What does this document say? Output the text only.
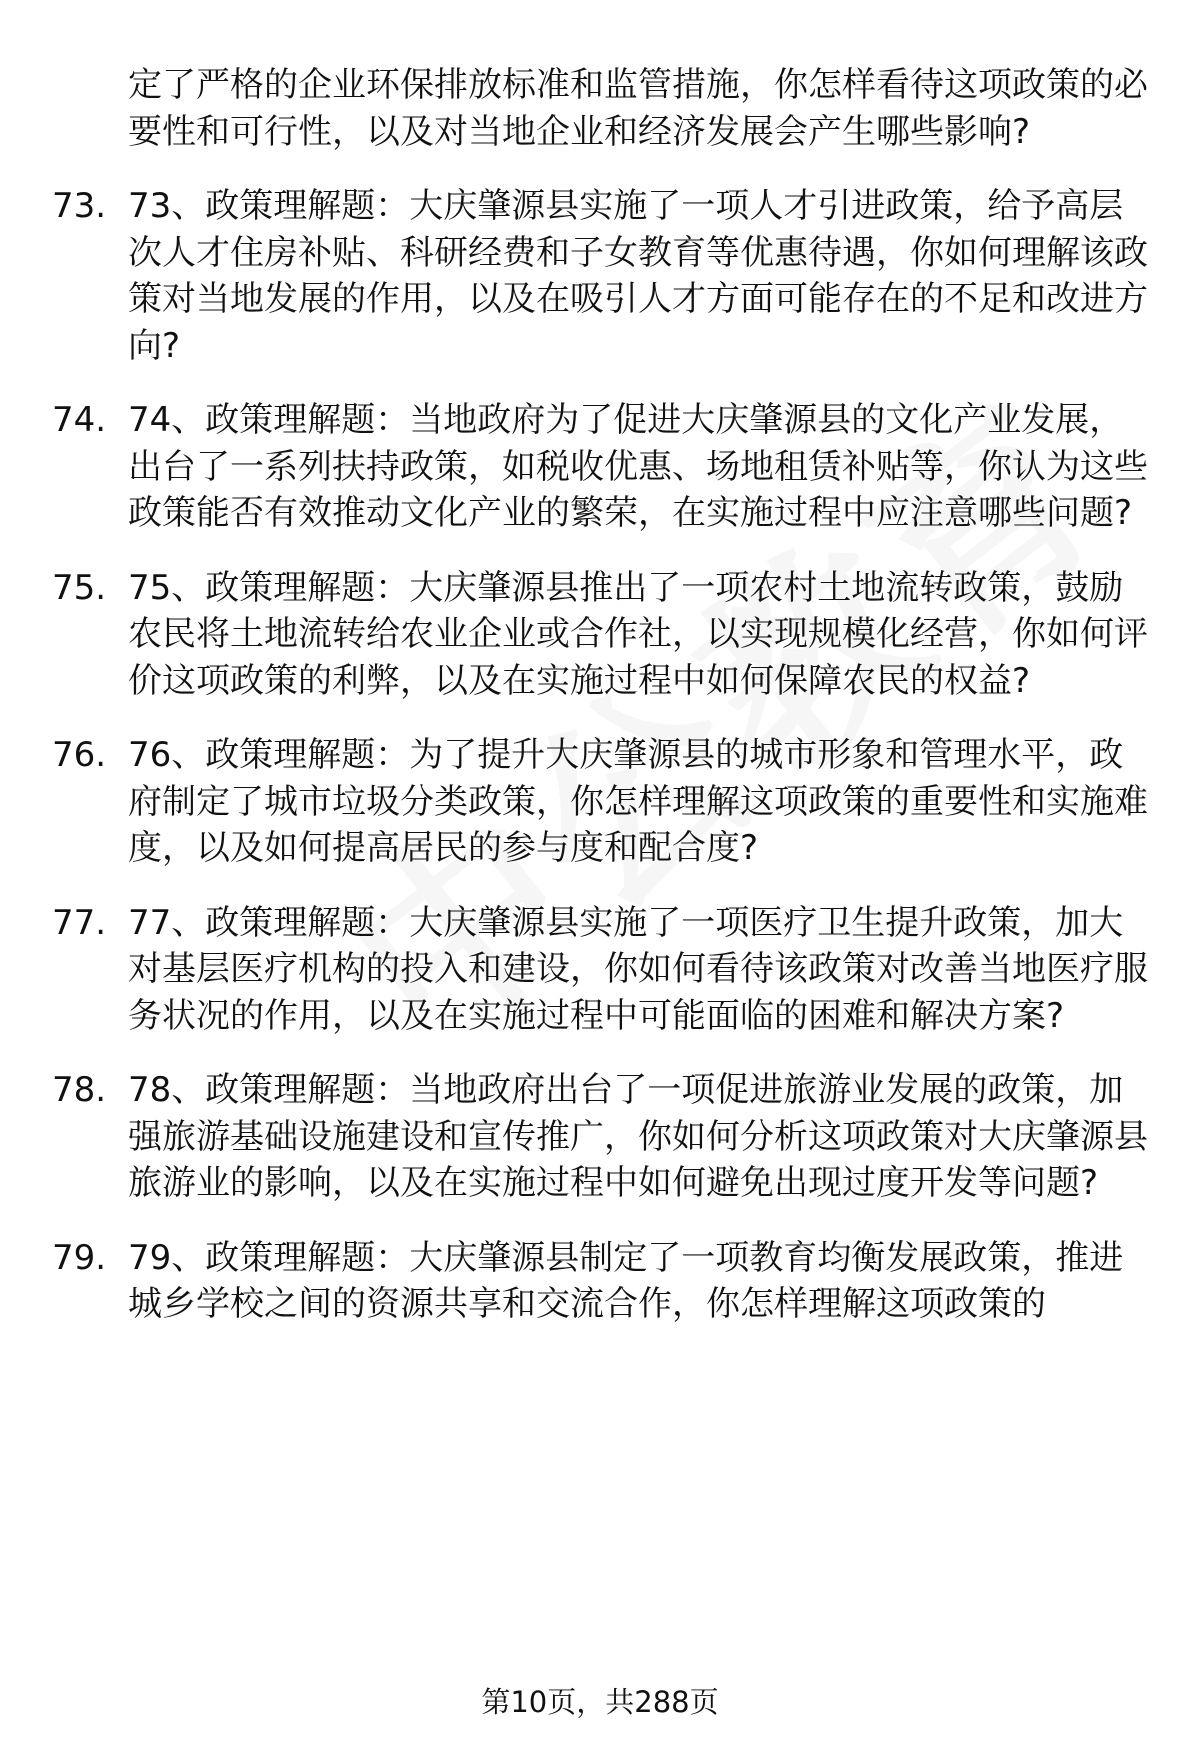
定了严格的企业环保排放标准和监管措施，你怎样看待这项政策的必要性和可行性，以及对当地企业和经济发展会产生哪些影响?
73. 73、政策理解题：大庆肇源县实施了一项人才引进政策，给予高层次人才住房补贴、科研经费和子女教育等优惠待遇，你如何理解该政策对当地发展的作用，以及在吸引人才方面可能存在的不足和改进方向?
74. 74、政策理解题：当地政府为了促进大庆肇源县的文化产业发展，出台了一系列扶持政策，如税收优惠、场地租赁补贴等，你认为这些政策能否有效推动文化产业的繁荣，在实施过程中应注意哪些问题?
75. 75、政策理解题：大庆肇源县推出了一项农村土地流转政策，鼓励农民将土地流转给农业企业或合作社，以实现规模化经营，你如何评价这项政策的利弊，以及在实施过程中如何保障农民的权益?
76. 76、政策理解题：为了提升大庆肇源县的城市形象和管理水平，政府制定了城市垃圾分类政策，你怎样理解这项政策的重要性和实施难度，以及如何提高居民的参与度和配合度?
77. 77、政策理解题：大庆肇源县实施了一项医疗卫生提升政策，加大对基层医疗机构的投入和建设，你如何看待该政策对改善当地医疗服务状况的作用，以及在实施过程中可能面临的困难和解决方案?
78. 78、政策理解题：当地政府出台了一项促进旅游业发展的政策，加强旅游基础设施建设和宣传推广，你如何分析这项政策对大庆肇源县旅游业的影响，以及在实施过程中如何避免出现过度开发等问题?
79. 79、政策理解题：大庆肇源县制定了一项教育均衡发展政策，推进城乡学校之间的资源共享和交流合作，你怎样理解这项政策的
第10页，共288页
